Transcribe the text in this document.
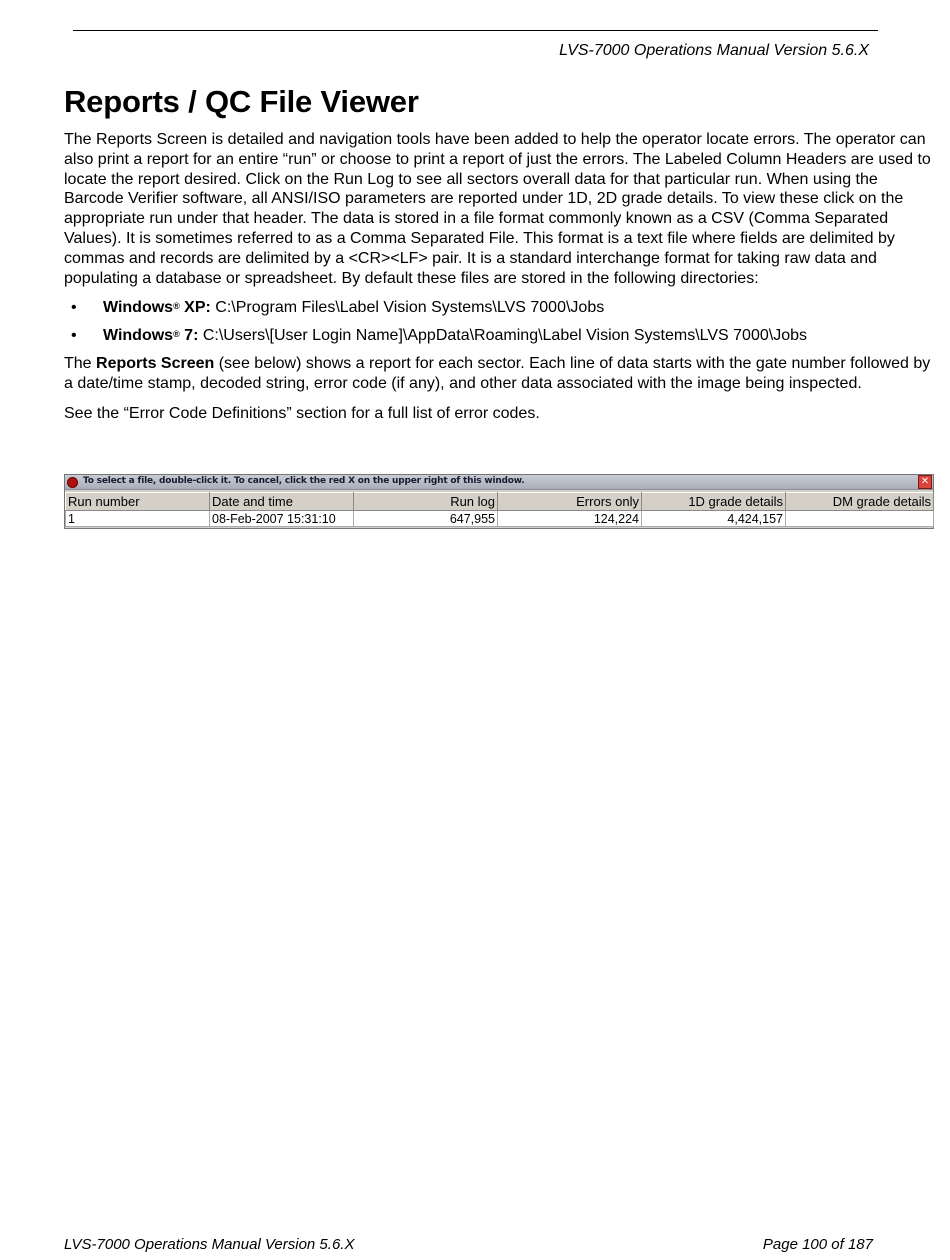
LVS-7000 Operations Manual Version 5.6.X
Reports / QC File Viewer

The Reports Screen is detailed and navigation tools have been added to help the operator locate errors. The operator can also print a report for an entire “run” or choose to print a report of just the errors. The Labeled Column Headers are used to locate the report desired. Click on the Run Log to see all sectors overall data for that particular run. When using the Barcode Verifier software, all ANSI/ISO parameters are reported under 1D, 2D grade details. To view these click on the appropriate run under that header. The data is stored in a file format commonly known as a CSV (Comma Separated Values). It is sometimes referred to as a Comma Separated File. This format is a text file where fields are delimited by commas and records are delimited by a <CR><LF> pair. It is a standard interchange format for taking raw data and populating a database or spreadsheet. By default these files are stored in the following directories:

• Windows® XP: C:\Program Files\Label Vision Systems\LVS 7000\Jobs
• Windows® 7: C:\Users\[User Login Name]\AppData\Roaming\Label Vision Systems\LVS 7000\Jobs

The Reports Screen (see below) shows a report for each sector. Each line of data starts with the gate number followed by a date/time stamp, decoded string, error code (if any), and other data associated with the image being inspected.

See the “Error Code Definitions” section for a full list of error codes.

To select a file, double-click it. To cancel, click the red X on the upper right of this window.	✕
Run number	Date and time	Run log	Errors only	1D grade details	DM grade details
1	08-Feb-2007 15:31:10	647,955	124,224	4,424,157	
LVS-7000 Operations Manual Version 5.6.X	Page 100 of 187
